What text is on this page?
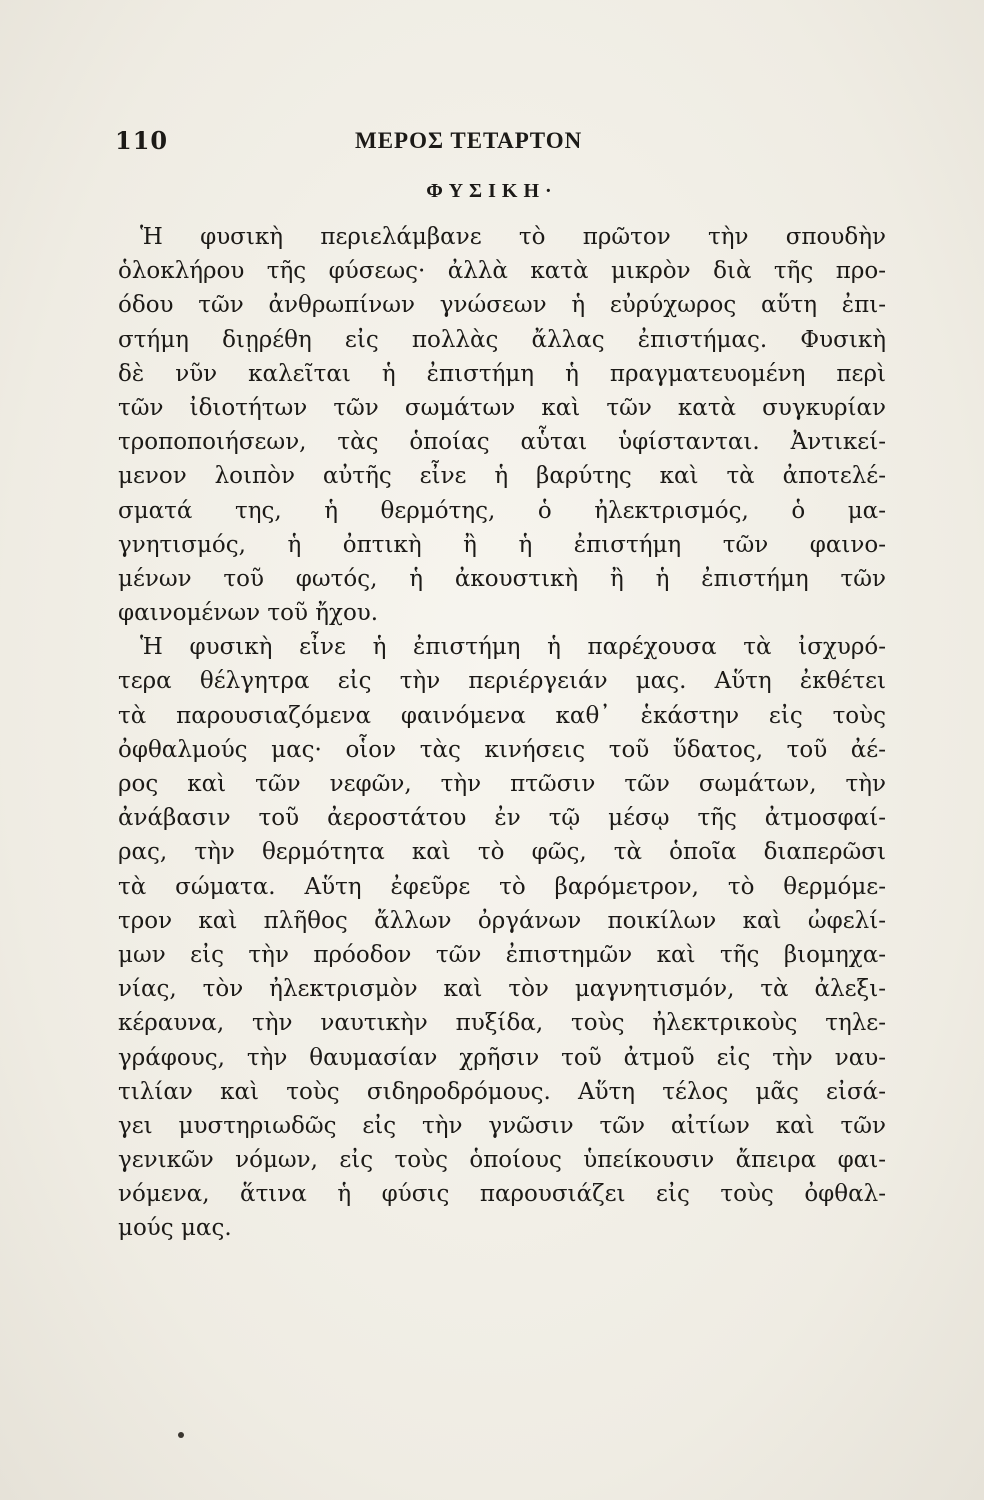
110	ΜΕΡΟΣ ΤΕΤΑΡΤΟΝ
ΦΥΣΙΚΗ·
Ἡ φυσικὴ περιελάμβανε τὸ πρῶτον τὴν σπουδὴν
ὁλοκλήρου τῆς φύσεως· ἀλλὰ κατὰ μικρὸν διὰ τῆς προ-
όδου τῶν ἀνθρωπίνων γνώσεων ἡ εὐρύχωρος αὕτη ἐπι-
στήμη διῃρέθη εἰς πολλὰς ἄλλας ἐπιστήμας. Φυσικὴ
δὲ νῦν καλεῖται ἡ ἐπιστήμη ἡ πραγματευομένη περὶ
τῶν ἰδιοτήτων τῶν σωμάτων καὶ τῶν κατὰ συγκυρίαν
τροποποιήσεων, τὰς ὁποίας αὗται ὑφίστανται. Ἀντικεί-
μενον λοιπὸν αὐτῆς εἶνε ἡ βαρύτης καὶ τὰ ἀποτελέ-
σματά της, ἡ θερμότης, ὁ ἠλεκτρισμός, ὁ μα-
γνητισμός, ἡ ὀπτικὴ ἢ ἡ ἐπιστήμη τῶν φαινο-
μένων τοῦ φωτός, ἡ ἀκουστικὴ ἢ ἡ ἐπιστήμη τῶν
φαινομένων τοῦ ἤχου.
Ἡ φυσικὴ εἶνε ἡ ἐπιστήμη ἡ παρέχουσα τὰ ἰσχυρό-
τερα θέλγητρα εἰς τὴν περιέργειάν μας. Αὕτη ἐκθέτει
τὰ παρουσιαζόμενα φαινόμενα καθ᾽ ἑκάστην εἰς τοὺς
ὀφθαλμούς μας· οἷον τὰς κινήσεις τοῦ ὕδατος, τοῦ ἀέ-
ρος καὶ τῶν νεφῶν, τὴν πτῶσιν τῶν σωμάτων, τὴν
ἀνάβασιν τοῦ ἀεροστάτου ἐν τῷ μέσῳ τῆς ἀτμοσφαί-
ρας, τὴν θερμότητα καὶ τὸ φῶς, τὰ ὁποῖα διαπερῶσι
τὰ σώματα. Αὕτη ἐφεῦρε τὸ βαρόμετρον, τὸ θερμόμε-
τρον καὶ πλῆθος ἄλλων ὀργάνων ποικίλων καὶ ὠφελί-
μων εἰς τὴν πρόοδον τῶν ἐπιστημῶν καὶ τῆς βιομηχα-
νίας, τὸν ἠλεκτρισμὸν καὶ τὸν μαγνητισμόν, τὰ ἀλεξι-
κέραυνα, τὴν ναυτικὴν πυξίδα, τοὺς ἠλεκτρικοὺς τηλε-
γράφους, τὴν θαυμασίαν χρῆσιν τοῦ ἀτμοῦ εἰς τὴν ναυ-
τιλίαν καὶ τοὺς σιδηροδρόμους. Αὕτη τέλος μᾶς εἰσά-
γει μυστηριωδῶς εἰς τὴν γνῶσιν τῶν αἰτίων καὶ τῶν
γενικῶν νόμων, εἰς τοὺς ὁποίους ὑπείκουσιν ἄπειρα φαι-
νόμενα, ἅτινα ἡ φύσις παρουσιάζει εἰς τοὺς ὀφθαλ-
μούς μας.
